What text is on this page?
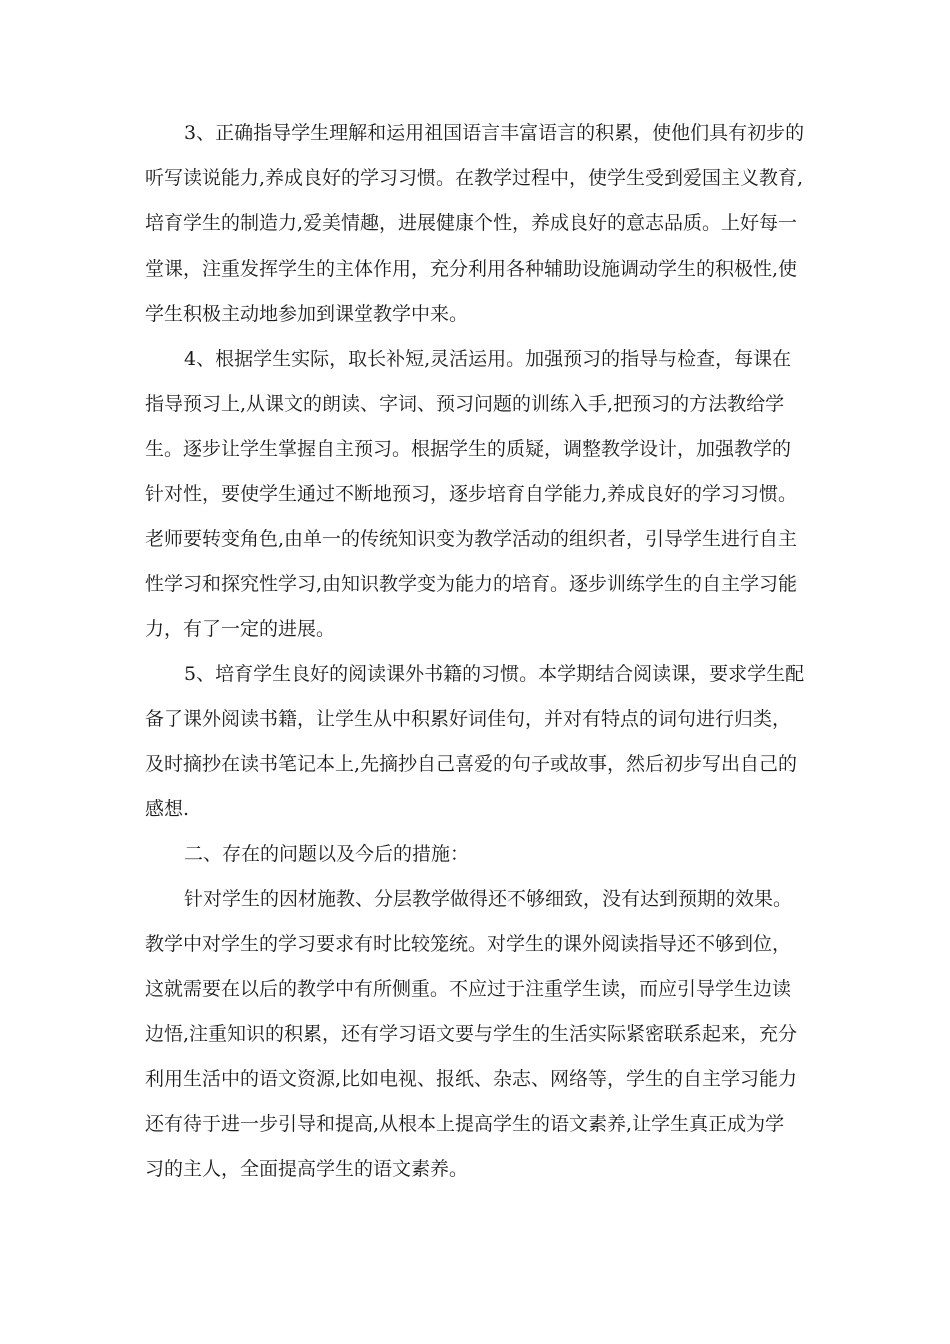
3、正确指导学生理解和运用祖国语言丰富语言的积累，使他们具有初步的
听写读说能力,养成良好的学习习惯。在教学过程中，使学生受到爱国主义教育,
培育学生的制造力,爱美情趣，进展健康个性，养成良好的意志品质。上好每一
堂课，注重发挥学生的主体作用，充分利用各种辅助设施调动学生的积极性,使
学生积极主动地参加到课堂教学中来。
4、根据学生实际，取长补短,灵活运用。加强预习的指导与检查，每课在
指导预习上,从课文的朗读、字词、预习问题的训练入手,把预习的方法教给学
生。逐步让学生掌握自主预习。根据学生的质疑，调整教学设计，加强教学的
针对性，要使学生通过不断地预习，逐步培育自学能力,养成良好的学习习惯。
老师要转变角色,由单一的传统知识变为教学活动的组织者，引导学生进行自主
性学习和探究性学习,由知识教学变为能力的培育。逐步训练学生的自主学习能
力，有了一定的进展。
5、培育学生良好的阅读课外书籍的习惯。本学期结合阅读课，要求学生配
备了课外阅读书籍，让学生从中积累好词佳句，并对有特点的词句进行归类，
及时摘抄在读书笔记本上,先摘抄自己喜爱的句子或故事，然后初步写出自己的
感想.
二、存在的问题以及今后的措施：
针对学生的因材施教、分层教学做得还不够细致，没有达到预期的效果。
教学中对学生的学习要求有时比较笼统。对学生的课外阅读指导还不够到位，
这就需要在以后的教学中有所侧重。不应过于注重学生读，而应引导学生边读
边悟,注重知识的积累，还有学习语文要与学生的生活实际紧密联系起来，充分
利用生活中的语文资源,比如电视、报纸、杂志、网络等，学生的自主学习能力
还有待于进一步引导和提高,从根本上提高学生的语文素养,让学生真正成为学
习的主人，全面提高学生的语文素养。
